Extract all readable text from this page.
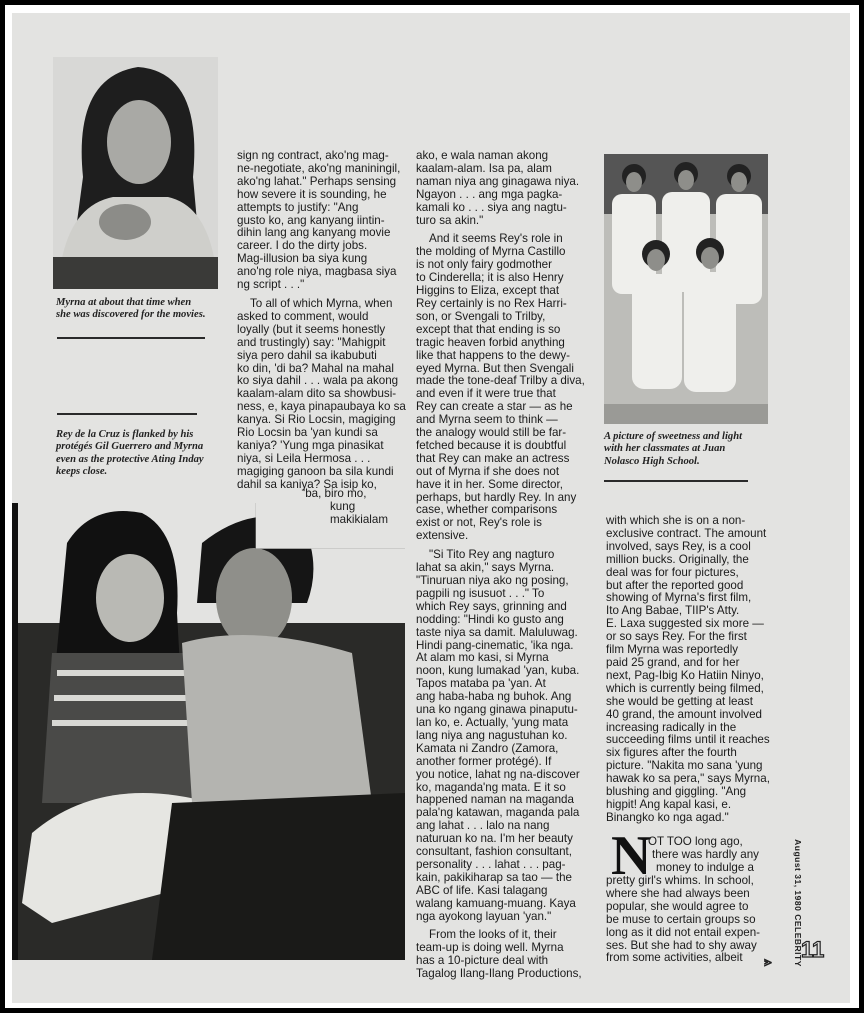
Myrna at about that time when
she was discovered for the movies.
Rey de la Cruz is flanked by his
protégés Gil Guerrero and Myrna
even as the protective Ating Inday
keeps close.
A picture of sweetness and light
with her classmates at Juan
Nolasco High School.
sign ng contract, ako'ng mag-
ne-negotiate, ako'ng maniningil,
ako'ng lahat." Perhaps sensing
how severe it is sounding, he
attempts to justify: "Ang
gusto ko, ang kanyang iintin-
dihin lang ang kanyang movie
career. I do the dirty jobs.
Mag-illusion ba siya kung
ano'ng role niya, magbasa siya
ng script . . ."
To all of which Myrna, when
asked to comment, would
loyally (but it seems honestly
and trustingly) say: "Mahigpit
siya pero dahil sa ikabubuti
ko din, 'di ba? Mahal na mahal
ko siya dahil . . . wala pa akong
kaalam-alam dito sa showbusi-
ness, e, kaya pinapaubaya ko sa
kanya. Si Rio Locsin, magiging
Rio Locsin ba 'yan kundi sa
kaniya? 'Yung mga pinasikat
niya, si Leila Hermosa . . .
magiging ganoon ba sila kundi
dahil sa kaniya? Sa isip ko,
'ba, biro mo,
kung
makikialam
ako, e wala naman akong
kaalam-alam. Isa pa, alam
naman niya ang ginagawa niya.
Ngayon . . . ang mga pagka-
kamali ko . . . siya ang nagtu-
turo sa akin."
And it seems Rey's role in
the molding of Myrna Castillo
is not only fairy godmother
to Cinderella; it is also Henry
Higgins to Eliza, except that
Rey certainly is no Rex Harri-
son, or Svengali to Trilby,
except that that ending is so
tragic heaven forbid anything
like that happens to the dewy-
eyed Myrna. But then Svengali
made the tone-deaf Trilby a diva,
and even if it were true that
Rey can create a star — as he
and Myrna seem to think —
the analogy would still be far-
fetched because it is doubtful
that Rey can make an actress
out of Myrna if she does not
have it in her. Some director,
perhaps, but hardly Rey. In any
case, whether comparisons
exist or not, Rey's role is
extensive.
"Si Tito Rey ang nagturo
lahat sa akin," says Myrna.
"Tinuruan niya ako ng posing,
pagpili ng isusuot . . ." To
which Rey says, grinning and
nodding: "Hindi ko gusto ang
taste niya sa damit. Maluluwag.
Hindi pang-cinematic, 'ika nga.
At alam mo kasi, si Myrna
noon, kung lumakad 'yan, kuba.
Tapos mataba pa 'yan. At
ang haba-haba ng buhok. Ang
una ko ngang ginawa pinaputu-
lan ko, e. Actually, 'yung mata
lang niya ang nagustuhan ko.
Kamata ni Zandro (Zamora,
another former protégé). If
you notice, lahat ng na-discover
ko, maganda'ng mata. E it so
happened naman na maganda
pala'ng katawan, maganda pala
ang lahat . . . lalo na nang
naturuan ko na. I'm her beauty
consultant, fashion consultant,
personality . . . lahat . . . pag-
kain, pakikiharap sa tao — the
ABC of life. Kasi talagang
walang kamuang-muang. Kaya
nga ayokong layuan 'yan."
From the looks of it, their
team-up is doing well. Myrna
has a 10-picture deal with
Tagalog Ilang-Ilang Productions,
with which she is on a non-
exclusive contract. The amount
involved, says Rey, is a cool
million bucks. Originally, the
deal was for four pictures,
but after the reported good
showing of Myrna's first film,
Ito Ang Babae, TIIP's Atty.
E. Laxa suggested six more —
or so says Rey. For the first
film Myrna was reportedly
paid 25 grand, and for her
next, Pag-Ibig Ko Hatiin Ninyo,
which is currently being filmed,
she would be getting at least
40 grand, the amount involved
increasing radically in the
succeeding films until it reaches
six figures after the fourth
picture. "Nakita mo sana 'yung
hawak ko sa pera," says Myrna,
blushing and giggling. "Ang
higpit! Ang kapal kasi, e.
Binangko ko nga agad."
N
OT TOO long ago,
there was hardly any
money to indulge a
pretty girl's whims. In school,
where she had always been
popular, she would agree to
be muse to certain groups so
long as it did not entail expen-
ses. But she had to shy away
from some activities, albeit	August 31, 1980 CELEBRITY
⪢ 11
